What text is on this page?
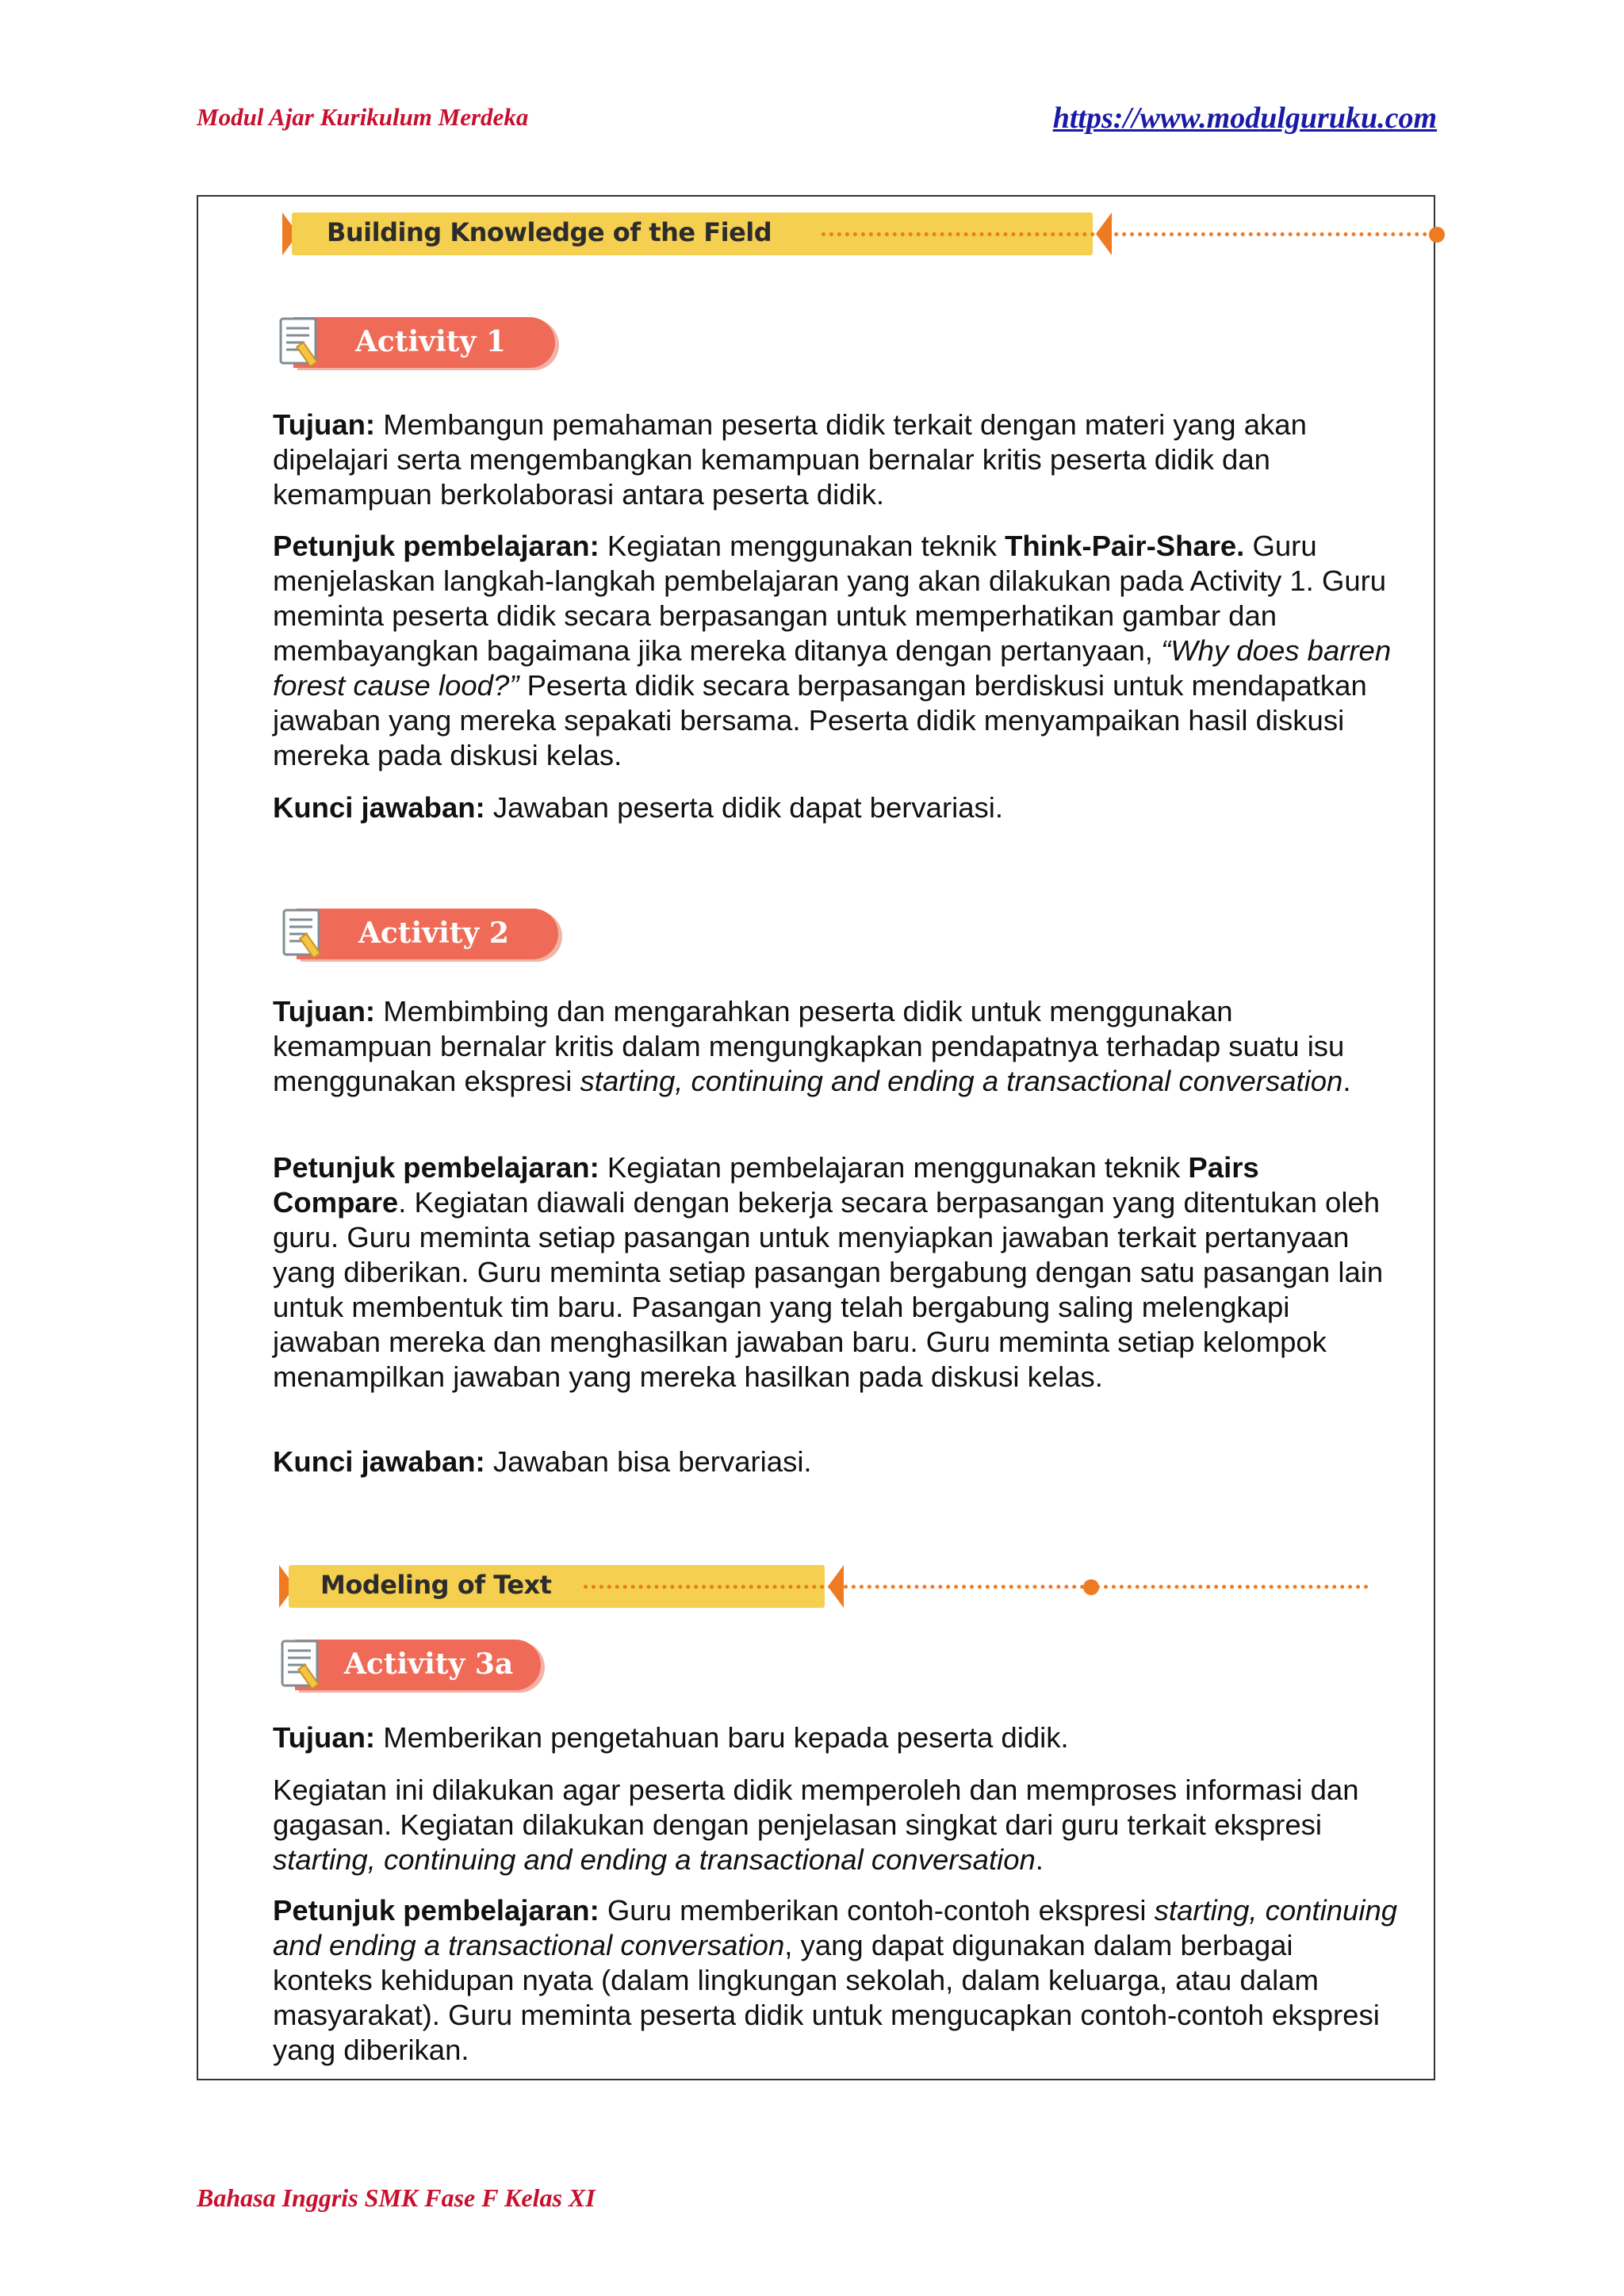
Modul Ajar Kurikulum Merdeka	https://www.modulguruku.com
Building Knowledge of the Field
Activity 1

Tujuan: Membangun pemahaman peserta didik terkait dengan materi yang akan dipelajari serta mengembangkan kemampuan bernalar kritis peserta didik dan kemampuan berkolaborasi antara peserta didik.

Petunjuk pembelajaran: Kegiatan menggunakan teknik Think-Pair-Share. Guru menjelaskan langkah-langkah pembelajaran yang akan dilakukan pada Activity 1. Guru meminta peserta didik secara berpasangan untuk memperhatikan gambar dan membayangkan bagaimana jika mereka ditanya dengan pertanyaan, “Why does barren forest cause lood?” Peserta didik secara berpasangan berdiskusi untuk mendapatkan jawaban yang mereka sepakati bersama. Peserta didik menyampaikan hasil diskusi mereka pada diskusi kelas.

Kunci jawaban: Jawaban peserta didik dapat bervariasi.

Activity 2

Tujuan: Membimbing dan mengarahkan peserta didik untuk menggunakan kemampuan bernalar kritis dalam mengungkapkan pendapatnya terhadap suatu isu menggunakan ekspresi starting, continuing and ending a transactional conversation.

Petunjuk pembelajaran: Kegiatan pembelajaran menggunakan teknik Pairs Compare. Kegiatan diawali dengan bekerja secara berpasangan yang ditentukan oleh guru. Guru meminta setiap pasangan untuk menyiapkan jawaban terkait pertanyaan yang diberikan. Guru meminta setiap pasangan bergabung dengan satu pasangan lain untuk membentuk tim baru. Pasangan yang telah bergabung saling melengkapi jawaban mereka dan menghasilkan jawaban baru. Guru meminta setiap kelompok menampilkan jawaban yang mereka hasilkan pada diskusi kelas.

Kunci jawaban: Jawaban bisa bervariasi.

Modeling of Text
Activity 3a

Tujuan: Memberikan pengetahuan baru kepada peserta didik.

Kegiatan ini dilakukan agar peserta didik memperoleh dan memproses informasi dan gagasan. Kegiatan dilakukan dengan penjelasan singkat dari guru terkait ekspresi starting, continuing and ending a transactional conversation.

Petunjuk pembelajaran: Guru memberikan contoh-contoh ekspresi starting, continuing and ending a transactional conversation, yang dapat digunakan dalam berbagai konteks kehidupan nyata (dalam lingkungan sekolah, dalam keluarga, atau dalam masyarakat). Guru meminta peserta didik untuk mengucapkan contoh-contoh ekspresi yang diberikan.

Bahasa Inggris SMK Fase F Kelas XI
